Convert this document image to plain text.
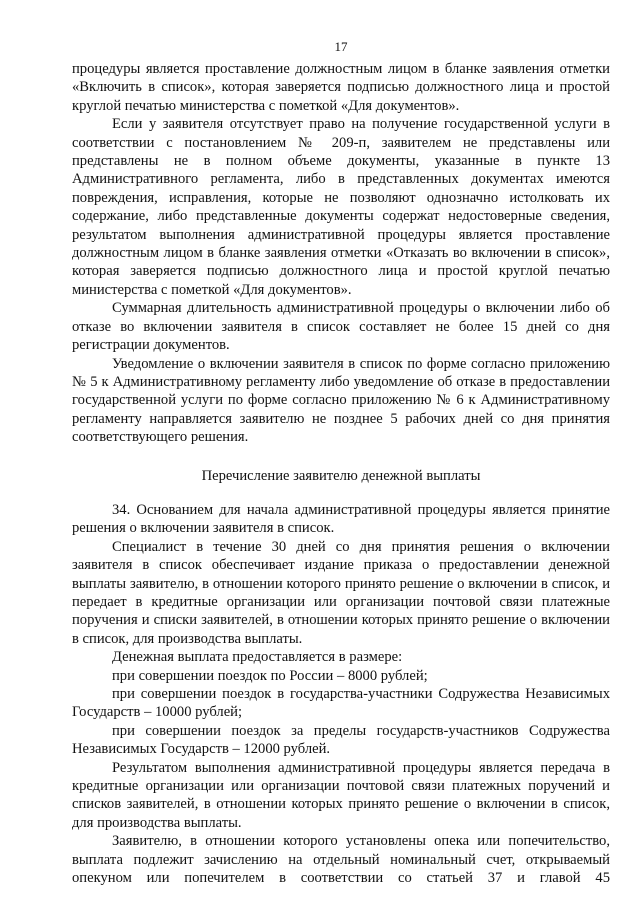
17

процедуры является проставление должностным лицом в бланке заявления отметки «Включить в список», которая заверяется подписью должностного лица и простой круглой печатью министерства с пометкой «Для документов».

Если у заявителя отсутствует право на получение государственной услуги в соответствии с постановлением № 209-п, заявителем не представлены или представлены не в полном объеме документы, указанные в пункте 13 Административного регламента, либо в представленных документах имеются повреждения, исправления, которые не позволяют однозначно истолковать их содержание, либо представленные документы содержат недостоверные сведения, результатом выполнения административной процедуры является проставление должностным лицом в бланке заявления отметки «Отказать во включении в список», которая заверяется подписью должностного лица и простой круглой печатью министерства с пометкой «Для документов».

Суммарная длительность административной процедуры о включении либо об отказе во включении заявителя в список составляет не более 15 дней со дня регистрации документов.

Уведомление о включении заявителя в список по форме согласно приложению № 5 к Административному регламенту либо уведомление об отказе в предоставлении государственной услуги по форме согласно приложению № 6 к Административному регламенту направляется заявителю не позднее 5 рабочих дней со дня принятия соответствующего решения.

Перечисление заявителю денежной выплаты

34. Основанием для начала административной процедуры является принятие решения о включении заявителя в список.

Специалист в течение 30 дней со дня принятия решения о включении заявителя в список обеспечивает издание приказа о предоставлении денежной выплаты заявителю, в отношении которого принято решение о включении в список, и передает в кредитные организации или организации почтовой связи платежные поручения и списки заявителей, в отношении которых принято решение о включении в список, для производства выплаты.

Денежная выплата предоставляется в размере:

при совершении поездок по России – 8000 рублей;

при совершении поездок в государства-участники Содружества Независимых Государств – 10000 рублей;

при совершении поездок за пределы государств-участников Содружества Независимых Государств – 12000 рублей.

Результатом выполнения административной процедуры является передача в кредитные организации или организации почтовой связи платежных поручений и списков заявителей, в отношении которых принято решение о включении в список, для производства выплаты.

Заявителю, в отношении которого установлены опека или попечительство, выплата подлежит зачислению на отдельный номинальный счет, открываемый опекуном или попечителем в соответствии со статьей 37 и главой 45
